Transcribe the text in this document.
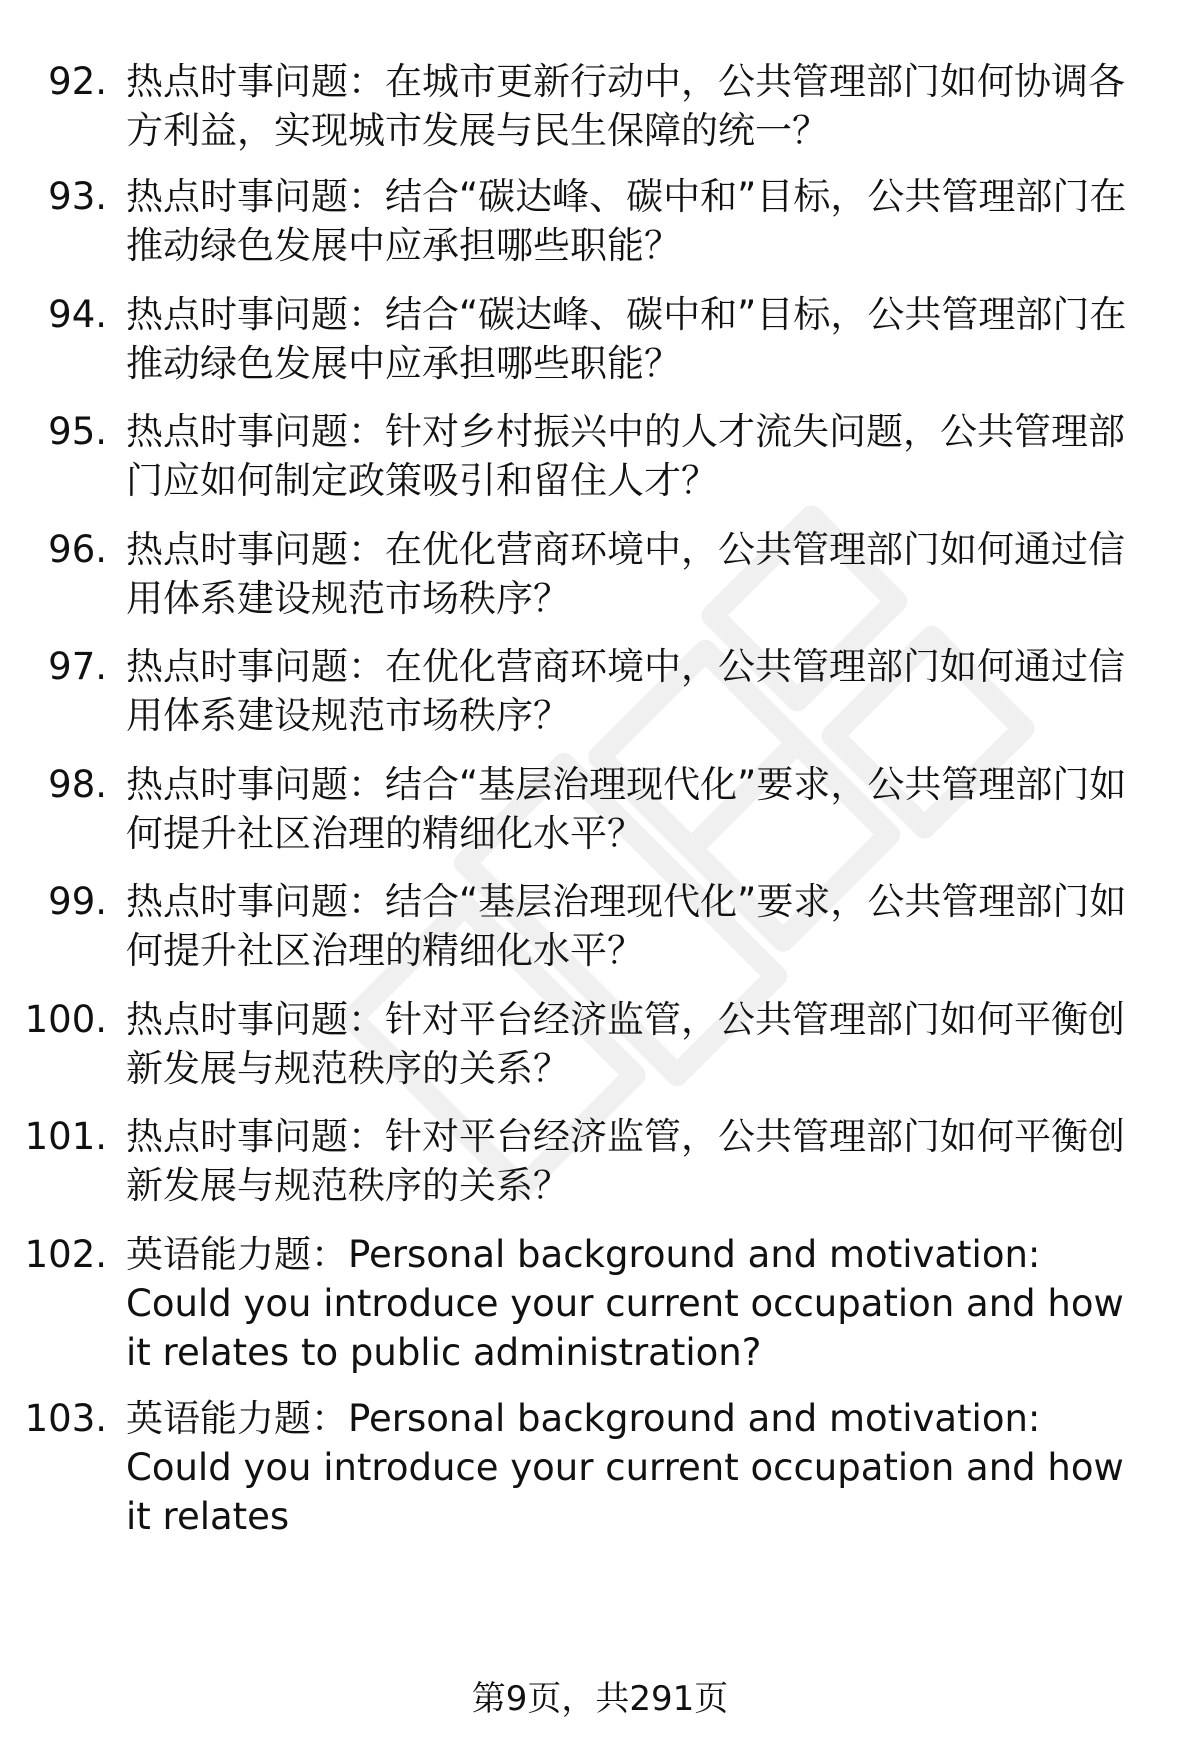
92. 热点时事问题：在城市更新行动中，公共管理部门如何协调各方利益，实现城市发展与民生保障的统一？
93. 热点时事问题：结合“碳达峰、碳中和”目标，公共管理部门在推动绿色发展中应承担哪些职能？
94. 热点时事问题：结合“碳达峰、碳中和”目标，公共管理部门在推动绿色发展中应承担哪些职能？
95. 热点时事问题：针对乡村振兴中的人才流失问题，公共管理部门应如何制定政策吸引和留住人才？
96. 热点时事问题：在优化营商环境中，公共管理部门如何通过信用体系建设规范市场秩序？
97. 热点时事问题：在优化营商环境中，公共管理部门如何通过信用体系建设规范市场秩序？
98. 热点时事问题：结合“基层治理现代化”要求，公共管理部门如何提升社区治理的精细化水平？
99. 热点时事问题：结合“基层治理现代化”要求，公共管理部门如何提升社区治理的精细化水平？
100. 热点时事问题：针对平台经济监管，公共管理部门如何平衡创新发展与规范秩序的关系？
101. 热点时事问题：针对平台经济监管，公共管理部门如何平衡创新发展与规范秩序的关系？
102. 英语能力题：Personal background and motivation: Could you introduce your current occupation and how it relates to public administration?
103. 英语能力题：Personal background and motivation: Could you introduce your current occupation and how it relates
第9页，共291页
